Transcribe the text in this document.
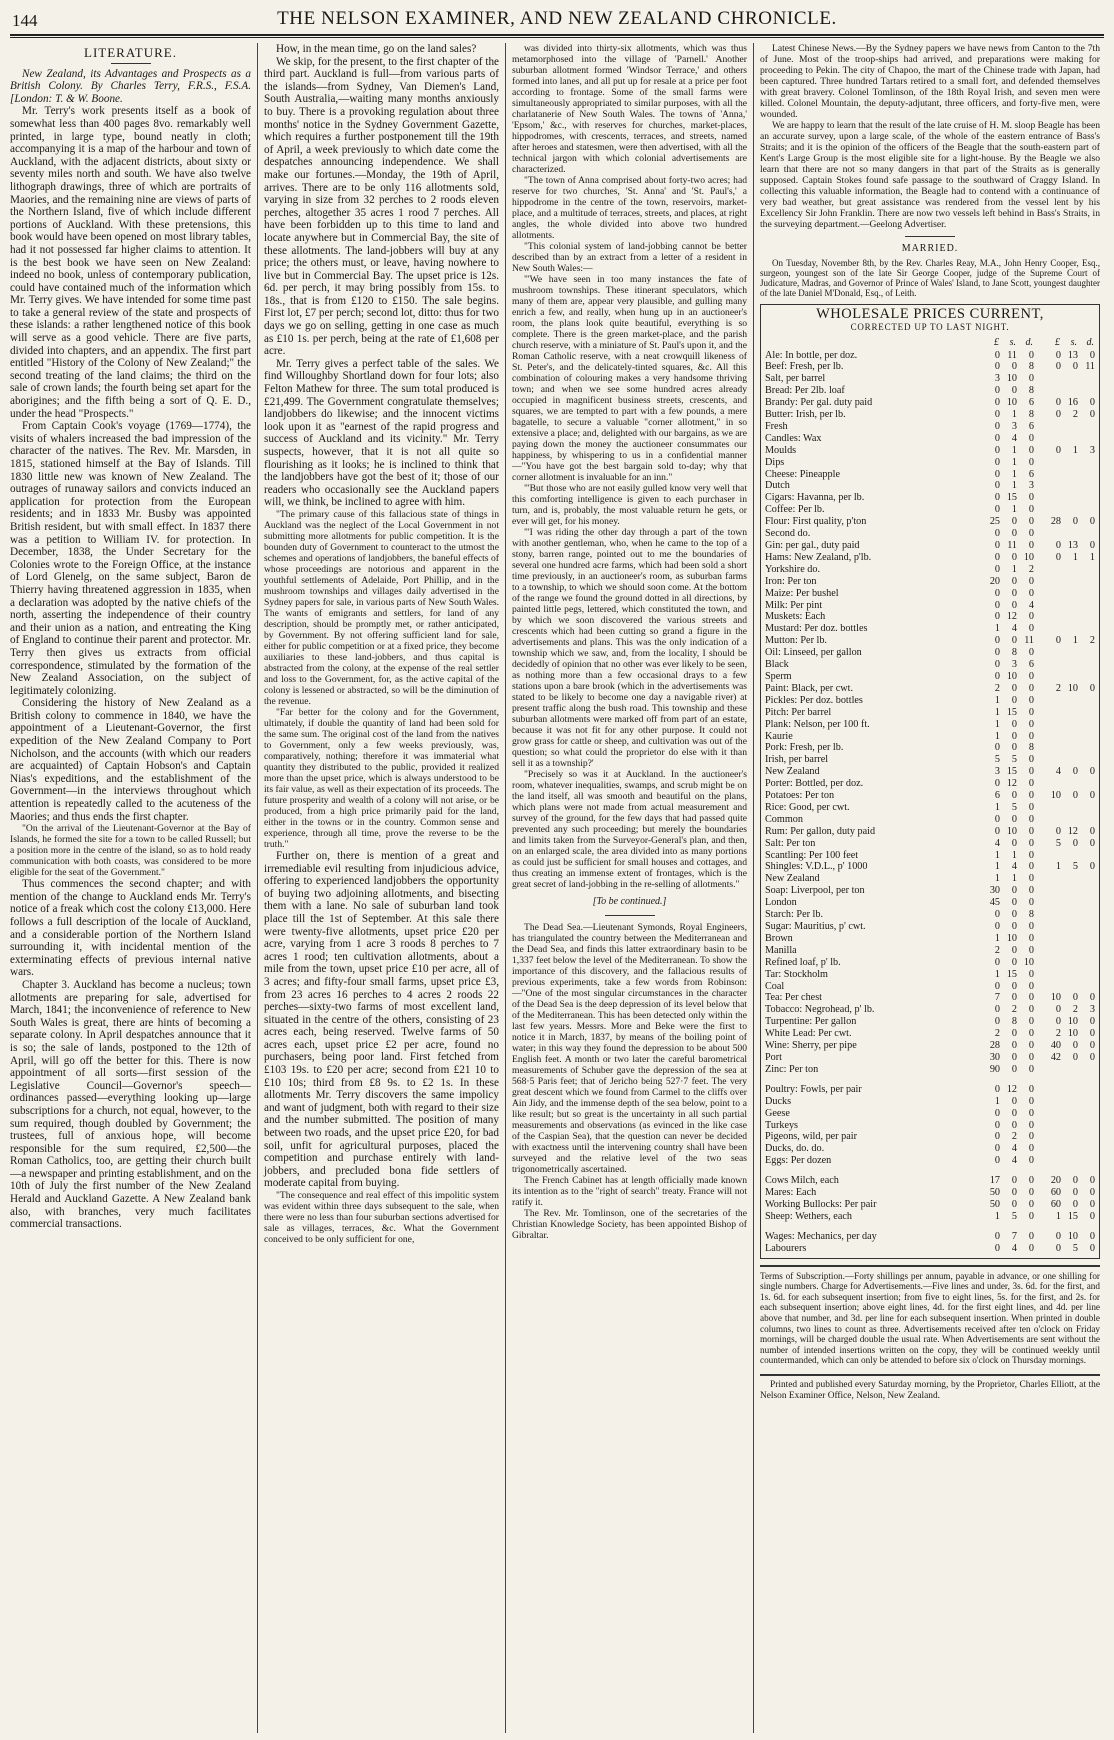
144	THE NELSON EXAMINER, AND NEW ZEALAND CHRONICLE.

LITERATURE.

New Zealand, its Advantages and Prospects as a British Colony. By Charles Terry, F.R.S., F.S.A. [London: T. & W. Boone.

Mr. Terry's work presents itself as a book of somewhat less than 400 pages 8vo. remarkably well printed, in large type, bound neatly in cloth; accompanying it is a map of the harbour and town of Auckland, with the adjacent districts, about sixty or seventy miles north and south. We have also twelve lithograph drawings, three of which are portraits of Maories, and the remaining nine are views of parts of the Northern Island, five of which include different portions of Auckland. With these pretensions, this book would have been opened on most library tables, had it not possessed far higher claims to attention. It is the best book we have seen on New Zealand: indeed no book, unless of contemporary publication, could have contained much of the information which Mr. Terry gives. We have intended for some time past to take a general review of the state and prospects of these islands: a rather lengthened notice of this book will serve as a good vehicle. There are five parts, divided into chapters, and an appendix. The first part entitled "History of the Colony of New Zealand;" the second treating of the land claims; the third on the sale of crown lands; the fourth being set apart for the aborigines; and the fifth being a sort of Q. E. D., under the head "Prospects."

From Captain Cook's voyage (1769—1774), the visits of whalers increased the bad impression of the character of the natives. The Rev. Mr. Marsden, in 1815, stationed himself at the Bay of Islands. Till 1830 little new was known of New Zealand. The outrages of runaway sailors and convicts induced an application for protection from the European residents; and in 1833 Mr. Busby was appointed British resident, but with small effect. In 1837 there was a petition to William IV. for protection. In December, 1838, the Under Secretary for the Colonies wrote to the Foreign Office, at the instance of Lord Glenelg, on the same subject, Baron de Thierry having threatened aggression in 1835, when a declaration was adopted by the native chiefs of the north, asserting the independence of their country and their union as a nation, and entreating the King of England to continue their parent and protector. Mr. Terry then gives us extracts from official correspondence, stimulated by the formation of the New Zealand Association, on the subject of legitimately colonizing.

Considering the history of New Zealand as a British colony to commence in 1840, we have the appointment of a Lieutenant-Governor, the first expedition of the New Zealand Company to Port Nicholson, and the accounts (with which our readers are acquainted) of Captain Hobson's and Captain Nias's expeditions, and the establishment of the Government—in the interviews throughout which attention is repeatedly called to the acuteness of the Maories; and thus ends the first chapter.

"On the arrival of the Lieutenant-Governor at the Bay of Islands, he formed the site for a town to be called Russell; but a position more in the centre of the island, so as to hold ready communication with both coasts, was considered to be more eligible for the seat of the Government."

Thus commences the second chapter; and with mention of the change to Auckland ends Mr. Terry's notice of a freak which cost the colony £13,000. Here follows a full description of the locale of Auckland, and a considerable portion of the Northern Island surrounding it, with incidental mention of the exterminating effects of previous internal native wars.

Chapter 3. Auckland has become a nucleus; town allotments are preparing for sale, advertised for March, 1841; the inconvenience of reference to New South Wales is great, there are hints of becoming a separate colony. In April despatches announce that it is so; the sale of lands, postponed to the 12th of April, will go off the better for this. There is now appointment of all sorts—first session of the Legislative Council—Governor's speech—ordinances passed—everything looking up—large subscriptions for a church, not equal, however, to the sum required, though doubled by Government; the trustees, full of anxious hope, will become responsible for the sum required, £2,500—the Roman Catholics, too, are getting their church built—a newspaper and printing establishment, and on the 10th of July the first number of the New Zealand Herald and Auckland Gazette. A New Zealand bank also, with branches, very much facilitates commercial transactions.

How, in the mean time, go on the land sales?

We skip, for the present, to the first chapter of the third part. Auckland is full—from various parts of the islands—from Sydney, Van Diemen's Land, South Australia,—waiting many months anxiously to buy. There is a provoking regulation about three months' notice in the Sydney Government Gazette, which requires a further postponement till the 19th of April, a week previously to which date come the despatches announcing independence. We shall make our fortunes.—Monday, the 19th of April, arrives. There are to be only 116 allotments sold, varying in size from 32 perches to 2 roods eleven perches, altogether 35 acres 1 rood 7 perches. All have been forbidden up to this time to land and locate anywhere but in Commercial Bay, the site of these allotments. The land-jobbers will buy at any price; the others must, or leave, having nowhere to live but in Commercial Bay. The upset price is 12s. 6d. per perch, it may bring possibly from 15s. to 18s., that is from £120 to £150. The sale begins. First lot, £7 per perch; second lot, ditto: thus for two days we go on selling, getting in one case as much as £10 1s. per perch, being at the rate of £1,608 per acre.

Mr. Terry gives a perfect table of the sales. We find Willoughby Shortland down for four lots; also Felton Mathew for three. The sum total produced is £21,499. The Government congratulate themselves; landjobbers do likewise; and the innocent victims look upon it as "earnest of the rapid progress and success of Auckland and its vicinity." Mr. Terry suspects, however, that it is not all quite so flourishing as it looks; he is inclined to think that the landjobbers have got the best of it; those of our readers who occasionally see the Auckland papers will, we think, be inclined to agree with him.

"The primary cause of this fallacious state of things in Auckland was the neglect of the Local Government in not submitting more allotments for public competition. It is the bounden duty of Government to counteract to the utmost the schemes and operations of landjobbers, the baneful effects of whose proceedings are notorious and apparent in the youthful settlements of Adelaide, Port Phillip, and in the mushroom townships and villages daily advertised in the Sydney papers for sale, in various parts of New South Wales. The wants of emigrants and settlers, for land of any description, should be promptly met, or rather anticipated, by Government. By not offering sufficient land for sale, either for public competition or at a fixed price, they become auxiliaries to these land-jobbers, and thus capital is abstracted from the colony, at the expense of the real settler and loss to the Government, for, as the active capital of the colony is lessened or abstracted, so will be the diminution of the revenue.

"Far better for the colony and for the Government, ultimately, if double the quantity of land had been sold for the same sum. The original cost of the land from the natives to Government, only a few weeks previously, was, comparatively, nothing; therefore it was immaterial what quantity they distributed to the public, provided it realized more than the upset price, which is always understood to be its fair value, as well as their expectation of its proceeds. The future prosperity and wealth of a colony will not arise, or be produced, from a high price primarily paid for the land, either in the towns or in the country. Common sense and experience, through all time, prove the reverse to be the truth."

Further on, there is mention of a great and irremediable evil resulting from injudicious advice, offering to experienced landjobbers the opportunity of buying two adjoining allotments, and bisecting them with a lane. No sale of suburban land took place till the 1st of September. At this sale there were twenty-five allotments, upset price £20 per acre, varying from 1 acre 3 roods 8 perches to 7 acres 1 rood; ten cultivation allotments, about a mile from the town, upset price £10 per acre, all of 3 acres; and fifty-four small farms, upset price £3, from 23 acres 16 perches to 4 acres 2 roods 22 perches—sixty-two farms of most excellent land, situated in the centre of the others, consisting of 23 acres each, being reserved. Twelve farms of 50 acres each, upset price £2 per acre, found no purchasers, being poor land. First fetched from £103 19s. to £20 per acre; second from £21 10 to £10 10s; third from £8 9s. to £2 1s. In these allotments Mr. Terry discovers the same impolicy and want of judgment, both with regard to their size and the number submitted. The position of many between two roads, and the upset price £20, for bad soil, unfit for agricultural purposes, placed the competition and purchase entirely with land-jobbers, and precluded bona fide settlers of moderate capital from buying.

"The consequence and real effect of this impolitic system was evident within three days subsequent to the sale, when there were no less than four suburban sections advertised for sale as villages, terraces, &c. What the Government conceived to be only sufficient for one,

was divided into thirty-six allotments, which was thus metamorphosed into the village of 'Parnell.' Another suburban allotment formed 'Windsor Terrace,' and others formed into lanes, and all put up for resale at a price per foot according to frontage. Some of the small farms were simultaneously appropriated to similar purposes, with all the charlatanerie of New South Wales. The towns of 'Anna,' 'Epsom,' &c., with reserves for churches, market-places, hippodromes, with crescents, terraces, and streets, named after heroes and statesmen, were then advertised, with all the technical jargon with which colonial advertisements are characterized.

"The town of Anna comprised about forty-two acres; had reserve for two churches, 'St. Anna' and 'St. Paul's,' a hippodrome in the centre of the town, reservoirs, market-place, and a multitude of terraces, streets, and places, at right angles, the whole divided into above two hundred allotments.

"This colonial system of land-jobbing cannot be better described than by an extract from a letter of a resident in New South Wales:—

"'We have seen in too many instances the fate of mushroom townships. These itinerant speculators, which many of them are, appear very plausible, and gulling many enrich a few, and really, when hung up in an auctioneer's room, the plans look quite beautiful, everything is so complete. There is the green market-place, and the parish church reserve, with a miniature of St. Paul's upon it, and the Roman Catholic reserve, with a neat crowquill likeness of St. Peter's, and the delicately-tinted squares, &c. All this combination of colouring makes a very handsome thriving town; and when we see some hundred acres already occupied in magnificent business streets, crescents, and squares, we are tempted to part with a few pounds, a mere bagatelle, to secure a valuable "corner allotment," in so extensive a place; and, delighted with our bargains, as we are paying down the money the auctioneer consummates our happiness, by whispering to us in a confidential manner—"You have got the best bargain sold to-day; why that corner allotment is invaluable for an inn."

"'But those who are not easily gulled know very well that this comforting intelligence is given to each purchaser in turn, and is, probably, the most valuable return he gets, or ever will get, for his money.

"'I was riding the other day through a part of the town with another gentleman, who, when he came to the top of a stony, barren range, pointed out to me the boundaries of several one hundred acre farms, which had been sold a short time previously, in an auctioneer's room, as suburban farms to a township, to which we should soon come. At the bottom of the range we found the ground dotted in all directions, by painted little pegs, lettered, which constituted the town, and by which we soon discovered the various streets and crescents which had been cutting so grand a figure in the advertisements and plans. This was the only indication of a township which we saw, and, from the locality, I should be decidedly of opinion that no other was ever likely to be seen, as nothing more than a few occasional drays to a few stations upon a bare brook (which in the advertisements was stated to be likely to become one day a navigable river) at present traffic along the bush road. This township and these suburban allotments were marked off from part of an estate, because it was not fit for any other purpose. It could not grow grass for cattle or sheep, and cultivation was out of the question; so what could the proprietor do else with it than sell it as a township?'

"Precisely so was it at Auckland. In the auctioneer's room, whatever inequalities, swamps, and scrub might be on the land itself, all was smooth and beautiful on the plans, which plans were not made from actual measurement and survey of the ground, for the few days that had passed quite prevented any such proceeding; but merely the boundaries and limits taken from the Surveyor-General's plan, and then, on an enlarged scale, the area divided into as many portions as could just be sufficient for small houses and cottages, and thus creating an immense extent of frontages, which is the great secret of land-jobbing in the re-selling of allotments."

[To be continued.]

The Dead Sea.—Lieutenant Symonds, Royal Engineers, has triangulated the country between the Mediterranean and the Dead Sea, and finds this latter extraordinary basin to be 1,337 feet below the level of the Mediterranean. To show the importance of this discovery, and the fallacious results of previous experiments, take a few words from Robinson:—"One of the most singular circumstances in the character of the Dead Sea is the deep depression of its level below that of the Mediterranean. This has been detected only within the last few years. Messrs. More and Beke were the first to notice it in March, 1837, by means of the boiling point of water; in this way they found the depression to be about 500 English feet. A month or two later the careful barometrical measurements of Schuber gave the depression of the sea at 568·5 Paris feet; that of Jericho being 527·7 feet. The very great descent which we found from Carmel to the cliffs over Ain Jidy, and the immense depth of the sea below, point to a like result; but so great is the uncertainty in all such partial measurements and observations (as evinced in the like case of the Caspian Sea), that the question can never be decided with exactness until the intervening country shall have been surveyed and the relative level of the two seas trigonometrically ascertained.

The French Cabinet has at length officially made known its intention as to the "right of search" treaty. France will not ratify it.

The Rev. Mr. Tomlinson, one of the secretaries of the Christian Knowledge Society, has been appointed Bishop of Gibraltar.

Latest Chinese News.—By the Sydney papers we have news from Canton to the 7th of June. Most of the troop-ships had arrived, and preparations were making for proceeding to Pekin. The city of Chapoo, the mart of the Chinese trade with Japan, had been captured. Three hundred Tartars retired to a small fort, and defended themselves with great bravery. Colonel Tomlinson, of the 18th Royal Irish, and seven men were killed. Colonel Mountain, the deputy-adjutant, three officers, and forty-five men, were wounded.

We are happy to learn that the result of the late cruise of H. M. sloop Beagle has been an accurate survey, upon a large scale, of the whole of the eastern entrance of Bass's Straits; and it is the opinion of the officers of the Beagle that the south-eastern part of Kent's Large Group is the most eligible site for a light-house. By the Beagle we also learn that there are not so many dangers in that part of the Straits as is generally supposed. Captain Stokes found safe passage to the southward of Craggy Island. In collecting this valuable information, the Beagle had to contend with a continuance of very bad weather, but great assistance was rendered from the vessel lent by his Excellency Sir John Franklin. There are now two vessels left behind in Bass's Straits, in the surveying department.—Geelong Advertiser.

MARRIED.

On Tuesday, November 8th, by the Rev. Charles Reay, M.A., John Henry Cooper, Esq., surgeon, youngest son of the late Sir George Cooper, judge of the Supreme Court of Judicature, Madras, and Governor of Prince of Wales' Island, to Jane Scott, youngest daughter of the late Daniel M'Donald, Esq., of Leith.

WHOLESALE PRICES CURRENT,
CORRECTED UP TO LAST NIGHT.
	£	s.	d.		£	s.	d.
Ale: In bottle, per doz.	0	11	0		0	13	0
Beef: Fresh, per lb.	0	0	8		0	0	11
Salt, per barrel	3	10	0				
Bread: Per 2lb. loaf	0	0	8				
Brandy: Per gal. duty paid	0	10	6		0	16	0
Butter: Irish, per lb.	0	1	8		0	2	0
Fresh	0	3	6				
Candles: Wax	0	4	0				
Moulds	0	1	0		0	1	3
Dips	0	1	0				
Cheese: Pineapple	0	1	6				
Dutch	0	1	3				
Cigars: Havanna, per lb.	0	15	0				
Coffee: Per lb.	0	1	0				
Flour: First quality, p'ton	25	0	0		28	0	0
Second do.	0	0	0				
Gin: per gal., duty paid	0	11	0		0	13	0
Hams: New Zealand, p'lb.	0	0	10		0	1	1
Yorkshire do.	0	1	2				
Iron: Per ton	20	0	0				
Maize: Per bushel	0	0	0				
Milk: Per pint	0	0	4				
Muskets: Each	0	12	0				
Mustard: Per doz. bottles	1	4	0				
Mutton: Per lb.	0	0	11		0	1	2
Oil: Linseed, per gallon	0	8	0				
Black	0	3	6				
Sperm	0	10	0				
Paint: Black, per cwt.	2	0	0		2	10	0
Pickles: Per doz. bottles	1	0	0				
Pitch: Per barrel	1	15	0				
Plank: Nelson, per 100 ft.	1	0	0				
Kaurie	1	0	0				
Pork: Fresh, per lb.	0	0	8				
Irish, per barrel	5	5	0				
New Zealand	3	15	0		4	0	0
Porter: Bottled, per doz.	0	12	0				
Potatoes: Per ton	6	0	0		10	0	0
Rice: Good, per cwt.	1	5	0				
Common	0	0	0				
Rum: Per gallon, duty paid	0	10	0		0	12	0
Salt: Per ton	4	0	0		5	0	0
Scantling: Per 100 feet	1	1	0				
Shingles: V.D.L., p' 1000	1	4	0		1	5	0
New Zealand	1	1	0				
Soap: Liverpool, per ton	30	0	0				
London	45	0	0				
Starch: Per lb.	0	0	8				
Sugar: Mauritius, p' cwt.	0	0	0				
Brown	1	10	0				
Manilla	2	0	0				
Refined loaf, p' lb.	0	0	10				
Tar: Stockholm	1	15	0				
Coal	0	0	0				
Tea: Per chest	7	0	0		10	0	0
Tobacco: Negrohead, p' lb.	0	2	0		0	2	3
Turpentine: Per gallon	0	8	0		0	10	0
White Lead: Per cwt.	2	0	0		2	10	0
Wine: Sherry, per pipe	28	0	0		40	0	0
Port	30	0	0		42	0	0
Zinc: Per ton	90	0	0				

Poultry: Fowls, per pair	0	12	0				
Ducks	1	0	0				
Geese	0	0	0				
Turkeys	0	0	0				
Pigeons, wild, per pair	0	2	0				
Ducks, do. do.	0	4	0				
Eggs: Per dozen	0	4	0				

Cows Milch, each	17	0	0		20	0	0
Mares: Each	50	0	0		60	0	0
Working Bullocks: Per pair	50	0	0		60	0	0
Sheep: Wethers, each	1	5	0		1	15	0

Wages: Mechanics, per day	0	7	0		0	10	0
Labourers	0	4	0		0	5	0
Terms of Subscription.—Forty shillings per annum, payable in advance, or one shilling for single numbers. Charge for Advertisements.—Five lines and under, 3s. 6d. for the first, and 1s. 6d. for each subsequent insertion; from five to eight lines, 5s. for the first, and 2s. for each subsequent insertion; above eight lines, 4d. for the first eight lines, and 4d. per line above that number, and 3d. per line for each subsequent insertion. When printed in double columns, two lines to count as three. Advertisements received after ten o'clock on Friday mornings, will be charged double the usual rate. When Advertisements are sent without the number of intended insertions written on the copy, they will be continued weekly until countermanded, which can only be attended to before six o'clock on Thursday mornings.
Printed and published every Saturday morning, by the Proprietor, Charles Elliott, at the Nelson Examiner Office, Nelson, New Zealand.
